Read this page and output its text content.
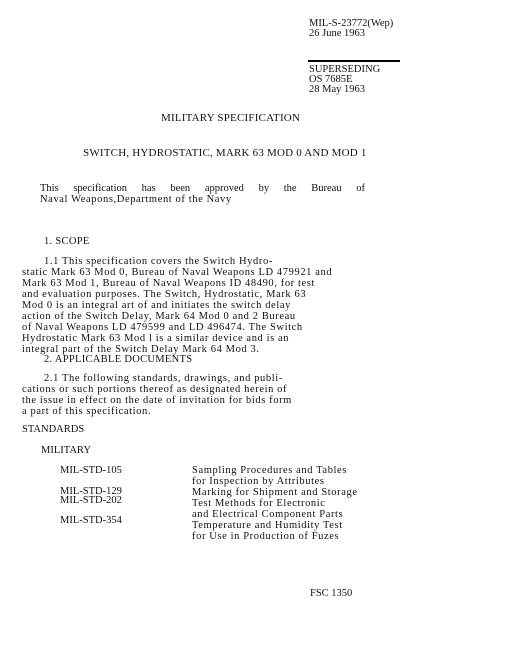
MIL-S-23772(Wep)
26 June 1963
SUPERSEDING
OS 7685E
28 May 1963
MILITARY SPECIFICATION
SWITCH, HYDROSTATIC, MARK 63 MOD 0 AND MOD 1
This specification has been approved by the Bureau of
Naval Weapons,Department of the Navy
1. SCOPE
1.1 This specification covers the Switch Hydro-
static Mark 63 Mod 0, Bureau of Naval Weapons LD 479921 and
Mark 63 Mod 1, Bureau of Naval Weapons ID 48490, for test
and evaluation purposes. The Switch, Hydrostatic, Mark 63
Mod 0 is an integral art of and initiates the switch delay
action of the Switch Delay, Mark 64 Mod 0 and 2 Bureau
of Naval Weapons LD 479599 and LD 496474. The Switch
Hydrostatic Mark 63 Mod l is a similar device and is an
integral part of the Switch Delay Mark 64 Mod 3.
2. APPLICABLE DOCUMENTS
2.1 The following standards, drawings, and publi-
cations or such portions thereof as designated herein of
the issue in effect on the date of invitation for bids form
a part of this specification.
STANDARDS
MILITARY
MIL-STD-105	Sampling Procedures and Tables
for Inspection by Attributes
MIL-STD-129	Marking for Shipment and Storage
MIL-STD-202	Test Methods for Electronic
and Electrical Component Parts
MIL-STD-354	Temperature and Humidity Test
for Use in Production of Fuzes
FSC 1350
